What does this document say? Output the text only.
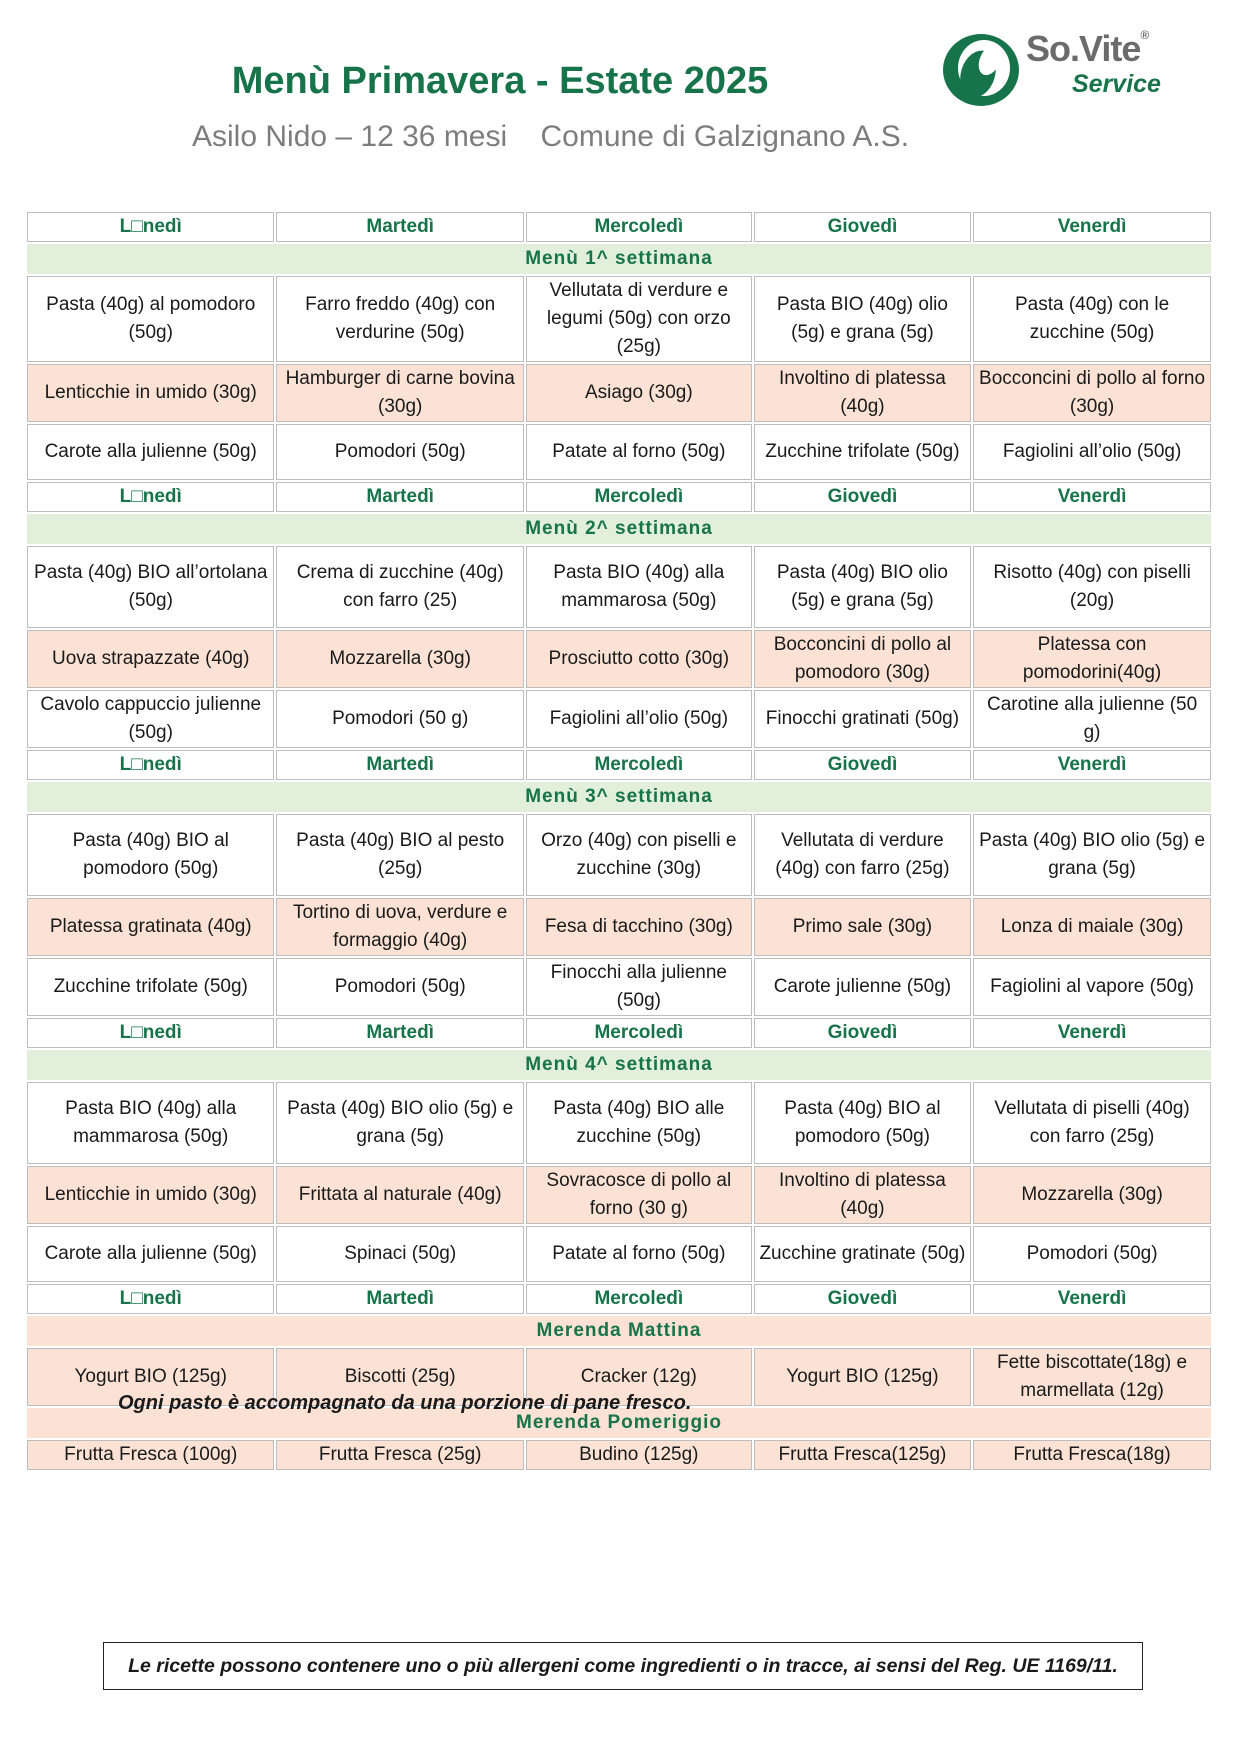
Menù Primavera - Estate 2025
Asilo Nido – 12 36 mesi Comune di Galzignano A.S.
So.Vite®
Service
L□nedì	Martedì	Mercoledì	Giovedì	Venerdì
Menù 1^ settimana				
Pasta (40g) al pomodoro (50g)	Farro freddo (40g) con verdurine (50g)	Vellutata di verdure e legumi (50g) con orzo (25g)	Pasta BIO (40g) olio (5g) e grana (5g)	Pasta (40g) con le zucchine (50g)
Lenticchie in umido (30g)	Hamburger di carne bovina (30g)	Asiago (30g)	Involtino di platessa (40g)	Bocconcini di pollo al forno (30g)
Carote alla julienne (50g)	Pomodori (50g)	Patate al forno (50g)	Zucchine trifolate (50g)	Fagiolini all’olio (50g)
L□nedì	Martedì	Mercoledì	Giovedì	Venerdì
Menù 2^ settimana				
Pasta (40g) BIO all’ortolana (50g)	Crema di zucchine (40g) con farro (25)	Pasta BIO (40g) alla mammarosa (50g)	Pasta (40g) BIO olio (5g) e grana (5g)	Risotto (40g) con piselli (20g)
Uova strapazzate (40g)	Mozzarella (30g)	Prosciutto cotto (30g)	Bocconcini di pollo al pomodoro (30g)	Platessa con pomodorini(40g)
Cavolo cappuccio julienne (50g)	Pomodori (50 g)	Fagiolini all’olio (50g)	Finocchi gratinati (50g)	Carotine alla julienne (50 g)
L□nedì	Martedì	Mercoledì	Giovedì	Venerdì
Menù 3^ settimana				
Pasta (40g) BIO al pomodoro (50g)	Pasta (40g) BIO al pesto (25g)	Orzo (40g) con piselli e zucchine (30g)	Vellutata di verdure (40g) con farro (25g)	Pasta (40g) BIO olio (5g) e grana (5g)
Platessa gratinata (40g)	Tortino di uova, verdure e formaggio (40g)	Fesa di tacchino (30g)	Primo sale (30g)	Lonza di maiale (30g)
Zucchine trifolate (50g)	Pomodori (50g)	Finocchi alla julienne (50g)	Carote julienne (50g)	Fagiolini al vapore (50g)
L□nedì	Martedì	Mercoledì	Giovedì	Venerdì
Menù 4^ settimana				
Pasta BIO (40g) alla mammarosa (50g)	Pasta (40g) BIO olio (5g) e grana (5g)	Pasta (40g) BIO alle zucchine (50g)	Pasta (40g) BIO al pomodoro (50g)	Vellutata di piselli (40g) con farro (25g)
Lenticchie in umido (30g)	Frittata al naturale (40g)	Sovracosce di pollo al forno (30 g)	Involtino di platessa (40g)	Mozzarella (30g)
Carote alla julienne (50g)	Spinaci (50g)	Patate al forno (50g)	Zucchine gratinate (50g)	Pomodori (50g)
L□nedì	Martedì	Mercoledì	Giovedì	Venerdì
Merenda Mattina				
Yogurt BIO (125g)	Biscotti (25g)	Cracker (12g)	Yogurt BIO (125g)	Fette biscottate(18g) e marmellata (12g)
Merenda Pomeriggio				
Frutta Fresca (100g)	Frutta Fresca (25g)	Budino (125g)	Frutta Fresca(125g)	Frutta Fresca(18g)
Ogni pasto è accompagnato da una porzione di pane fresco.
Le ricette possono contenere uno o più allergeni come ingredienti o in tracce, ai sensi del Reg. UE 1169/11.
